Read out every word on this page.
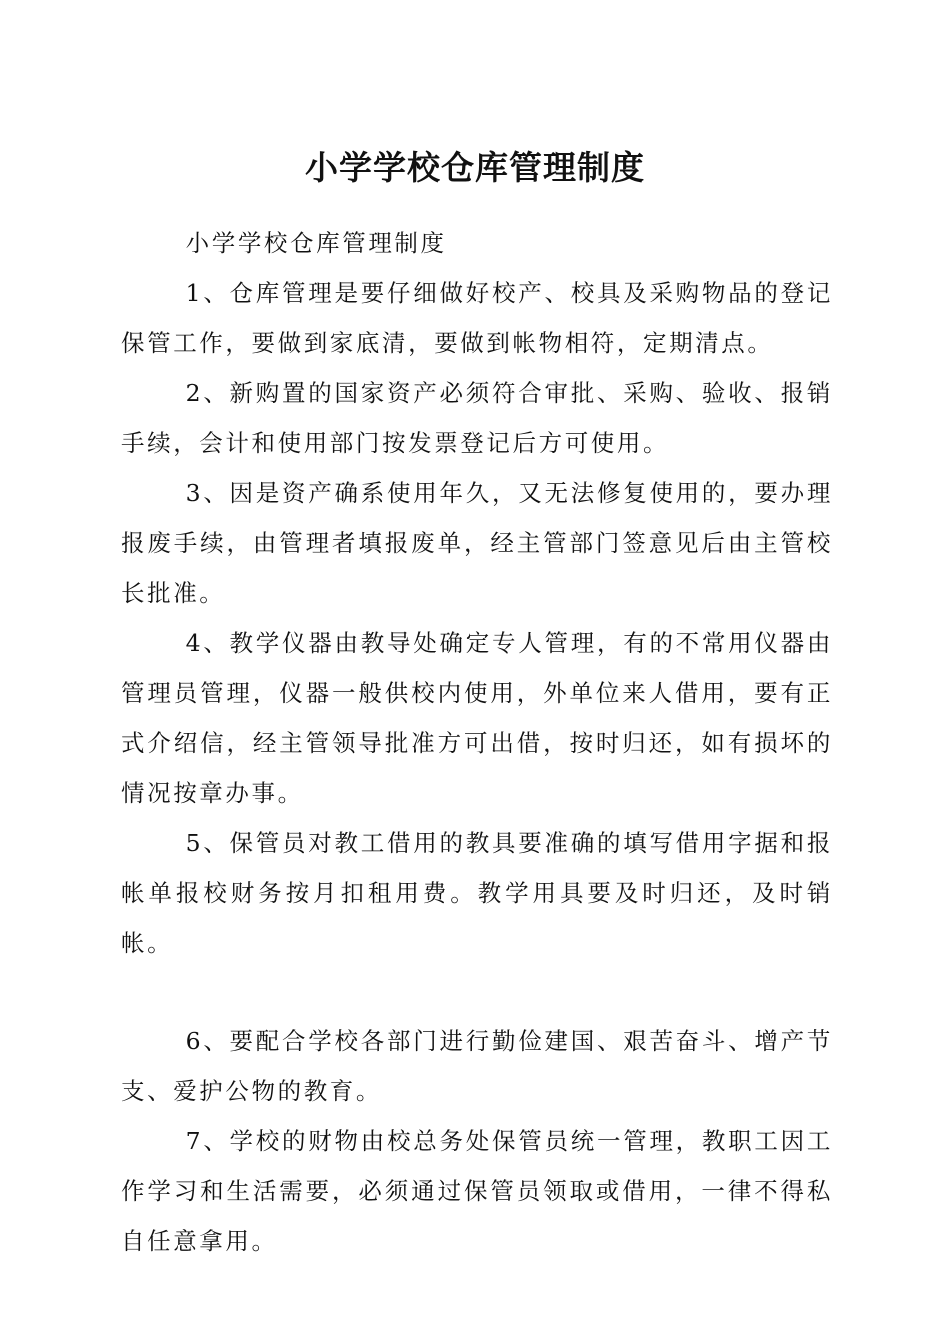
小学学校仓库管理制度

小学学校仓库管理制度

1、仓库管理是要仔细做好校产、校具及采购物品的登记保管工作，要做到家底清，要做到帐物相符，定期清点。

2、新购置的国家资产必须符合审批、采购、验收、报销手续，会计和使用部门按发票登记后方可使用。

3、因是资产确系使用年久，又无法修复使用的，要办理报废手续，由管理者填报废单，经主管部门签意见后由主管校长批准。

4、教学仪器由教导处确定专人管理，有的不常用仪器由管理员管理，仪器一般供校内使用，外单位来人借用，要有正式介绍信，经主管领导批准方可出借，按时归还，如有损坏的情况按章办事。

5、保管员对教工借用的教具要准确的填写借用字据和报帐单报校财务按月扣租用费。教学用具要及时归还，及时销帐。

6、要配合学校各部门进行勤俭建国、艰苦奋斗、增产节支、爱护公物的教育。

7、学校的财物由校总务处保管员统一管理，教职工因工作学习和生活需要，必须通过保管员领取或借用，一律不得私自任意拿用。
